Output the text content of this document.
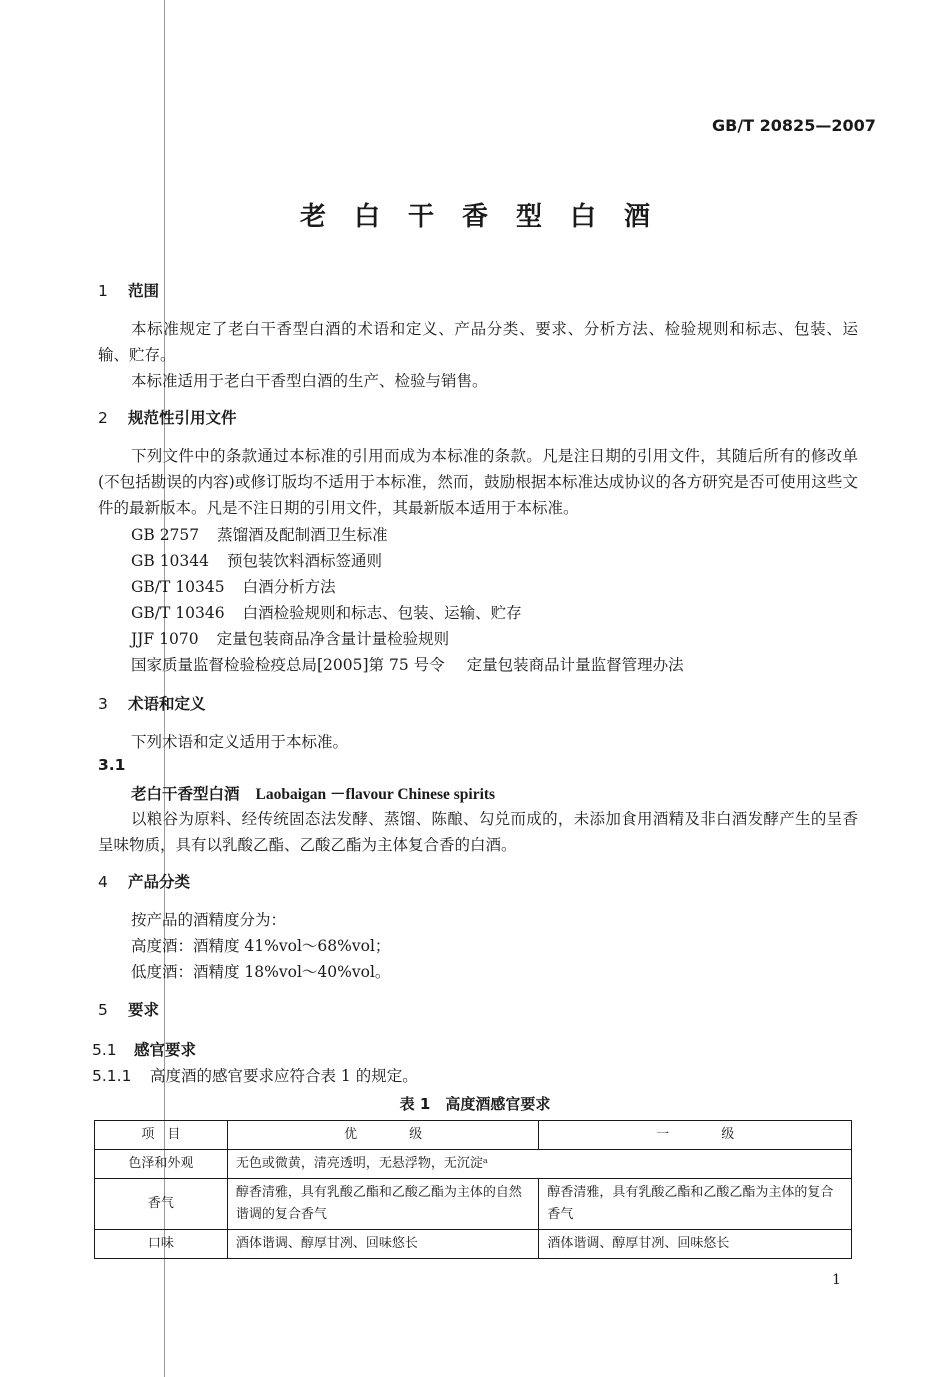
GB/T 20825—2007
老白干香型白酒
1 范围
本标准规定了老白干香型白酒的术语和定义、产品分类、要求、分析方法、检验规则和标志、包装、运输、贮存。
本标准适用于老白干香型白酒的生产、检验与销售。
2 规范性引用文件
下列文件中的条款通过本标准的引用而成为本标准的条款。凡是注日期的引用文件，其随后所有的修改单(不包括勘误的内容)或修订版均不适用于本标准，然而，鼓励根据本标准达成协议的各方研究是否可使用这些文件的最新版本。凡是不注日期的引用文件，其最新版本适用于本标准。
GB 2757 蒸馏酒及配制酒卫生标准
GB 10344 预包装饮料酒标签通则
GB/T 10345 白酒分析方法
GB/T 10346 白酒检验规则和标志、包装、运输、贮存
JJF 1070 定量包装商品净含量计量检验规则
国家质量监督检验检疫总局[2005]第 75 号令 定量包装商品计量监督管理办法
3 术语和定义
下列术语和定义适用于本标准。
3.1
老白干香型白酒 Laobaigan －flavour Chinese spirits
以粮谷为原料、经传统固态法发酵、蒸馏、陈酿、勾兑而成的，未添加食用酒精及非白酒发酵产生的呈香呈味物质，具有以乳酸乙酯、乙酸乙酯为主体复合香的白酒。
4 产品分类
按产品的酒精度分为：
高度酒：酒精度 41%vol～68%vol；
低度酒：酒精度 18%vol～40%vol。
5 要求
5.1 感官要求
5.1.1 高度酒的感官要求应符合表 1 的规定。
表 1　高度酒感官要求
项　目	优　　　　级	一　　　　级
色泽和外观	无色或微黄，清亮透明，无悬浮物，无沉淀ᵃ	
香气	醇香清雅，具有乳酸乙酯和乙酸乙酯为主体的自然谐调的复合香气	醇香清雅，具有乳酸乙酯和乙酸乙酯为主体的复合香气
口味	酒体谐调、醇厚甘冽、回味悠长	酒体谐调、醇厚甘冽、回味悠长
1
